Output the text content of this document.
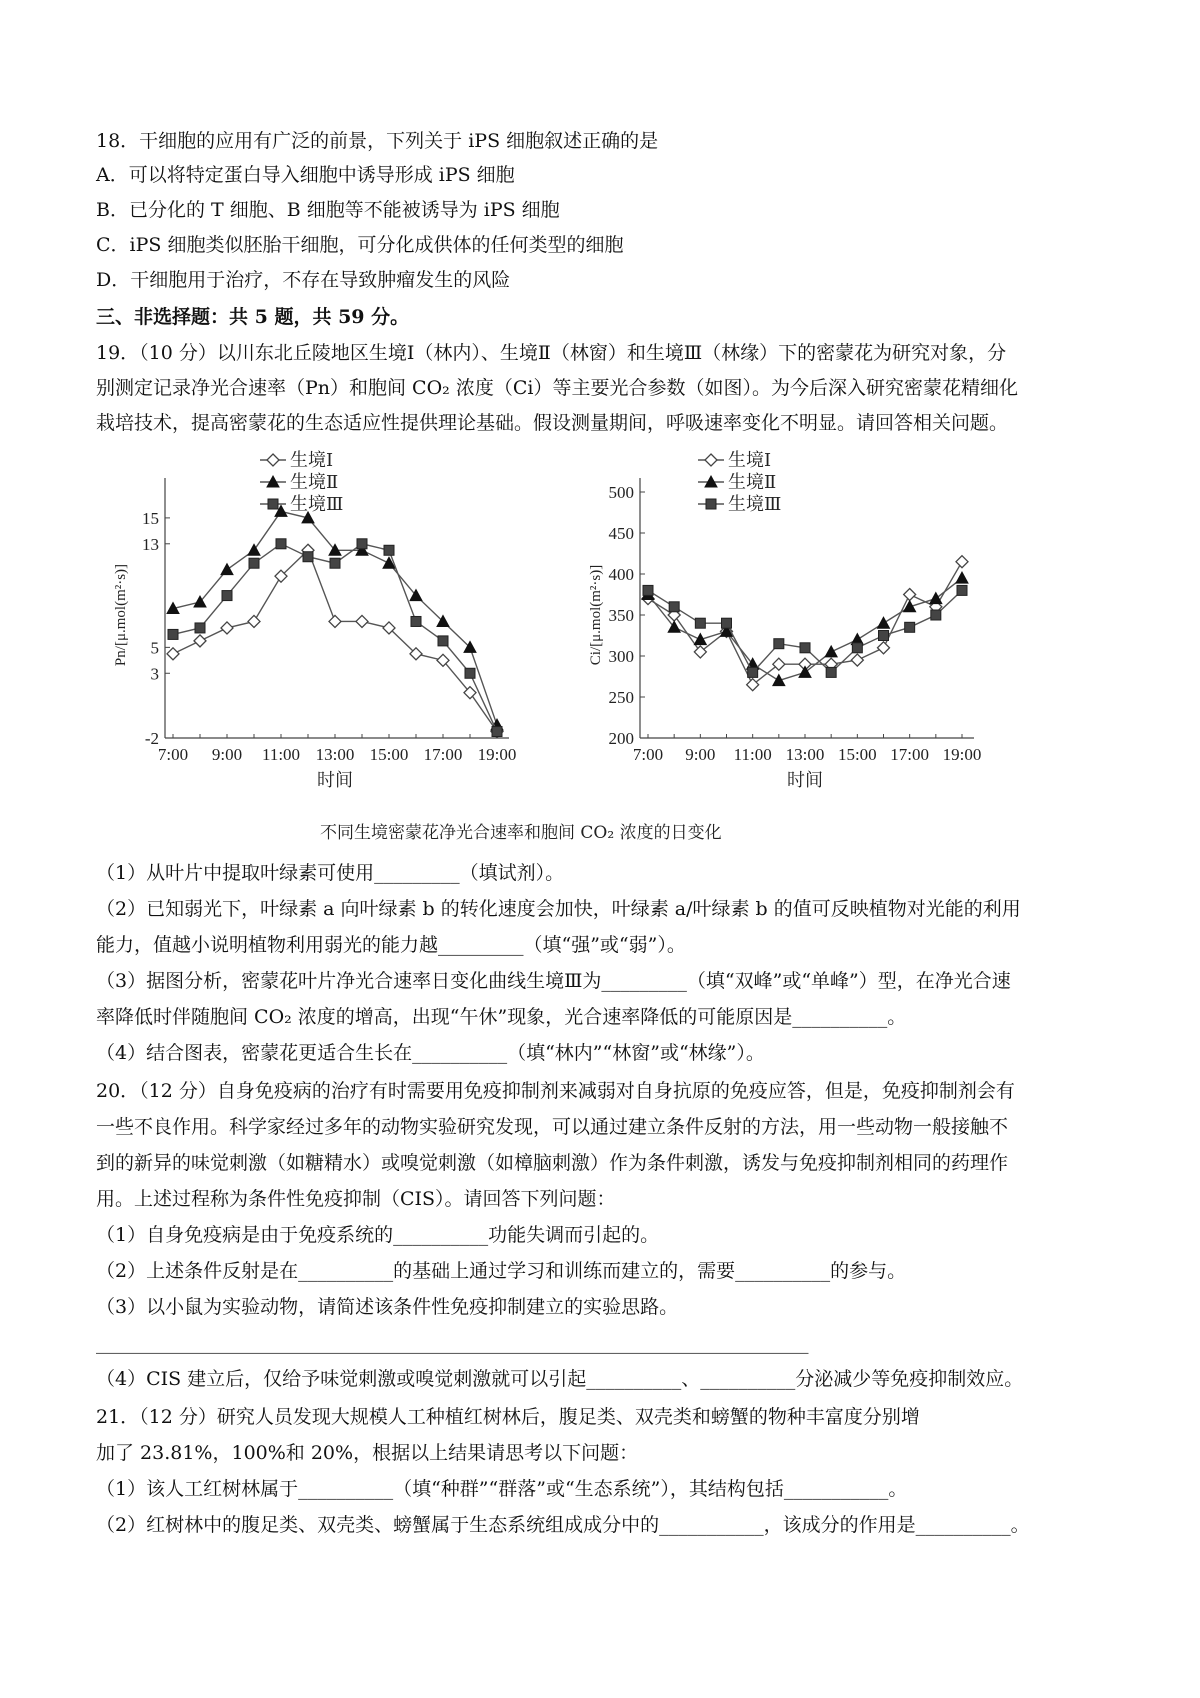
18．干细胞的应用有广泛的前景，下列关于 iPS 细胞叙述正确的是
A．可以将特定蛋白导入细胞中诱导形成 iPS 细胞
B．已分化的 T 细胞、B 细胞等不能被诱导为 iPS 细胞
C．iPS 细胞类似胚胎干细胞，可分化成供体的任何类型的细胞
D．干细胞用于治疗，不存在导致肿瘤发生的风险
三、非选择题：共 5 题，共 59 分。
19．（10 分）以川东北丘陵地区生境Ⅰ（林内）、生境Ⅱ（林窗）和生境Ⅲ（林缘）下的密蒙花为研究对象，分
别测定记录净光合速率（Pn）和胞间 CO₂ 浓度（Ci）等主要光合参数（如图）。为今后深入研究密蒙花精细化
栽培技术，提高密蒙花的生态适应性提供理论基础。假设测量期间，呼吸速率变化不明显。请回答相关问题。
-2
3
5
13
15
7:00 9:00 11:00 13:00 15:00 17:00 19:00
时间
Pn/[μ.mol(m²·s)]
生境Ⅰ
生境Ⅱ
生境Ⅲ
200
250
300
350
400
450
500
7:00 9:00 11:00 13:00 15:00 17:00 19:00
时间
Ci/[μ.mol(m²·s)]
生境Ⅰ
生境Ⅱ
生境Ⅲ
不同生境密蒙花净光合速率和胞间 CO₂ 浓度的日变化
（1）从叶片中提取叶绿素可使用_________（填试剂）。
（2）已知弱光下，叶绿素 a 向叶绿素 b 的转化速度会加快，叶绿素 a/叶绿素 b 的值可反映植物对光能的利用
能力，值越小说明植物利用弱光的能力越_________（填“强”或“弱”）。
（3）据图分析，密蒙花叶片净光合速率日变化曲线生境Ⅲ为_________（填“双峰”或“单峰”）型，在净光合速
率降低时伴随胞间 CO₂ 浓度的增高，出现“午休”现象，光合速率降低的可能原因是__________。
（4）结合图表，密蒙花更适合生长在__________（填“林内”“林窗”或“林缘”）。
20．（12 分）自身免疫病的治疗有时需要用免疫抑制剂来减弱对自身抗原的免疫应答，但是，免疫抑制剂会有
一些不良作用。科学家经过多年的动物实验研究发现，可以通过建立条件反射的方法，用一些动物一般接触不
到的新异的味觉刺激（如糖精水）或嗅觉刺激（如樟脑刺激）作为条件刺激，诱发与免疫抑制剂相同的药理作
用。上述过程称为条件性免疫抑制（CIS）。请回答下列问题：
（1）自身免疫病是由于免疫系统的__________功能失调而引起的。
（2）上述条件反射是在__________的基础上通过学习和训练而建立的，需要__________的参与。
（3）以小鼠为实验动物，请简述该条件性免疫抑制建立的实验思路。
___________________________________________________________________________
（4）CIS 建立后，仅给予味觉刺激或嗅觉刺激就可以引起__________、__________分泌减少等免疫抑制效应。
21．（12 分）研究人员发现大规模人工种植红树林后，腹足类、双壳类和螃蟹的物种丰富度分别增
加了 23.81%，100%和 20%，根据以上结果请思考以下问题：
（1）该人工红树林属于__________（填“种群”“群落”或“生态系统”），其结构包括___________。
（2）红树林中的腹足类、双壳类、螃蟹属于生态系统组成成分中的___________，该成分的作用是__________。
